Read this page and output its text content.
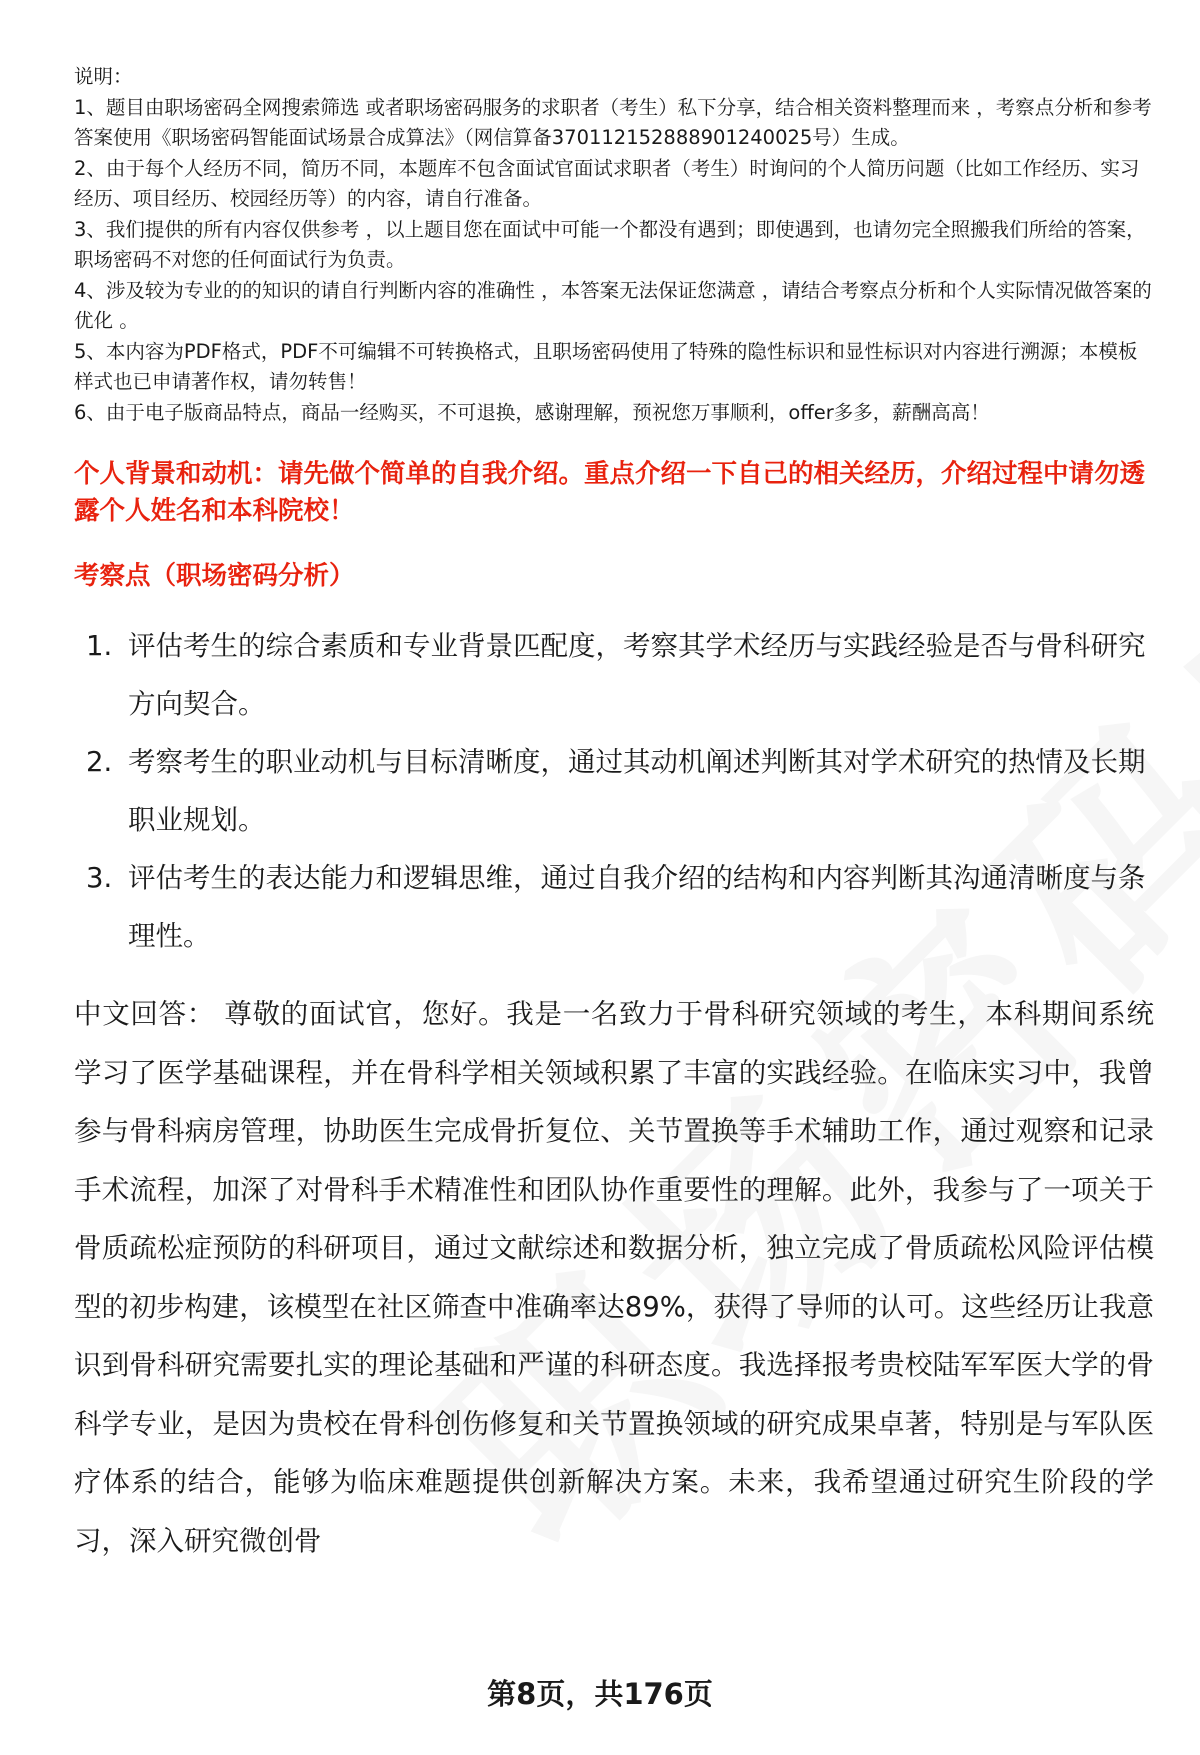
说明：

1、题目由职场密码全网搜索筛选 或者职场密码服务的求职者（考生）私下分享，结合相关资料整理而来 ，考察点分析和参考答案使用《职场密码智能面试场景合成算法》（网信算备370112152888901240025号）生成。

2、由于每个人经历不同，简历不同，本题库不包含面试官面试求职者（考生）时询问的个人简历问题（比如工作经历、实习经历、项目经历、校园经历等）的内容，请自行准备。

3、我们提供的所有内容仅供参考 ，以上题目您在面试中可能一个都没有遇到；即使遇到，也请勿完全照搬我们所给的答案，职场密码不对您的任何面试行为负责。

4、涉及较为专业的的知识的请自行判断内容的准确性 ，本答案无法保证您满意 ，请结合考察点分析和个人实际情况做答案的优化 。

5、本内容为PDF格式，PDF不可编辑不可转换格式，且职场密码使用了特殊的隐性标识和显性标识对内容进行溯源；本模板样式也已申请著作权，请勿转售！

6、由于电子版商品特点，商品一经购买，不可退换，感谢理解，预祝您万事顺利，offer多多，薪酬高高！

个人背景和动机：请先做个简单的自我介绍。重点介绍一下自己的相关经历，介绍过程中请勿透露个人姓名和本科院校！
考察点（职场密码分析）
1. 评估考生的综合素质和专业背景匹配度，考察其学术经历与实践经验是否与骨科研究方向契合。
2. 考察考生的职业动机与目标清晰度，通过其动机阐述判断其对学术研究的热情及长期职业规划。
3. 评估考生的表达能力和逻辑思维，通过自我介绍的结构和内容判断其沟通清晰度与条理性。
中文回答： 尊敬的面试官，您好。我是一名致力于骨科研究领域的考生，本科期间系统学习了医学基础课程，并在骨科学相关领域积累了丰富的实践经验。在临床实习中，我曾参与骨科病房管理，协助医生完成骨折复位、关节置换等手术辅助工作，通过观察和记录手术流程，加深了对骨科手术精准性和团队协作重要性的理解。此外，我参与了一项关于骨质疏松症预防的科研项目，通过文献综述和数据分析，独立完成了骨质疏松风险评估模型的初步构建，该模型在社区筛查中准确率达89%，获得了导师的认可。这些经历让我意识到骨科研究需要扎实的理论基础和严谨的科研态度。我选择报考贵校陆军军医大学的骨科学专业，是因为贵校在骨科创伤修复和关节置换领域的研究成果卓著，特别是与军队医疗体系的结合，能够为临床难题提供创新解决方案。未来，我希望通过研究生阶段的学习，深入研究微创骨
第8页，共176页
